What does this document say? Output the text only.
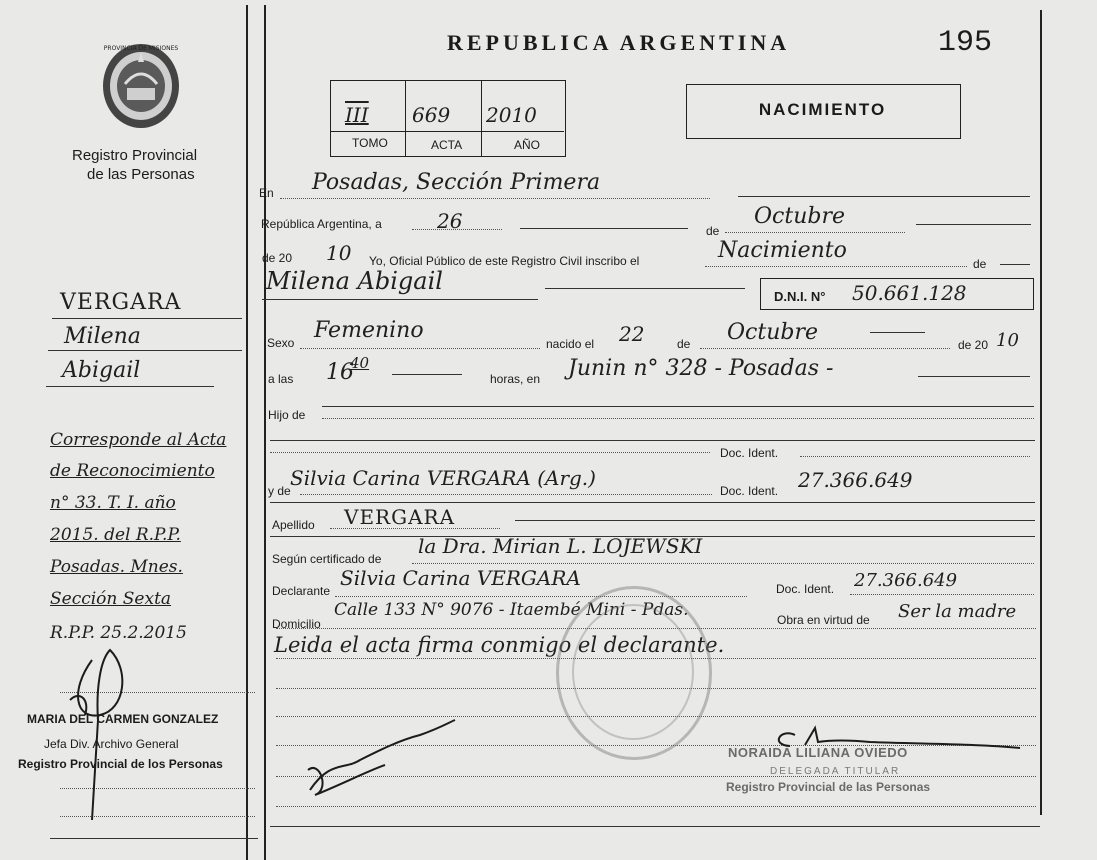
REPUBLICA ARGENTINA	195
PROVINCIA DE MISIONES
Registro Provincial
de las Personas
III 669 2010
TOMO	ACTA	AÑO
NACIMIENTO
VERGARA
Milena
Abigail
Corresponde al Acta
de Reconocimiento
n° 33. T. I. año
2015. del R.P.P.
Posadas. Mnes.
Sección Sexta
R.P.P. 25.2.2015
MARIA DEL CARMEN GONZALEZ
Jefa Div. Archivo General
Registro Provincial de los Personas
En Posadas, Sección Primera
República Argentina, a	26	de
Octubre
de 20 10 Yo, Oficial Público de este Registro Civil inscribo el	Nacimiento
de
Milena Abigail
D.N.I. N° 50.661.128
Sexo Femenino
nacido el 22	de Octubre	de 20 10
a las 16
40
horas, en Junin n° 328 - Posadas -
Hijo de
Doc. Ident.
y de
Silvia Carina VERGARA (Arg.)
Doc. Ident. 27.366.649
Apellido VERGARA
Según certificado de
la Dra. Mirian L. LOJEWSKI
Declarante
Silvia Carina VERGARA	Doc. Ident. 27.366.649
Domicilio
Calle 133 N° 9076 - Itaembé Mini - Pdas.	Obra en virtud de Ser la madre
Leida el acta firma conmigo el declarante.
NORAIDA LILIANA OVIEDO
DELEGADA TITULAR
Registro Provincial de las Personas
